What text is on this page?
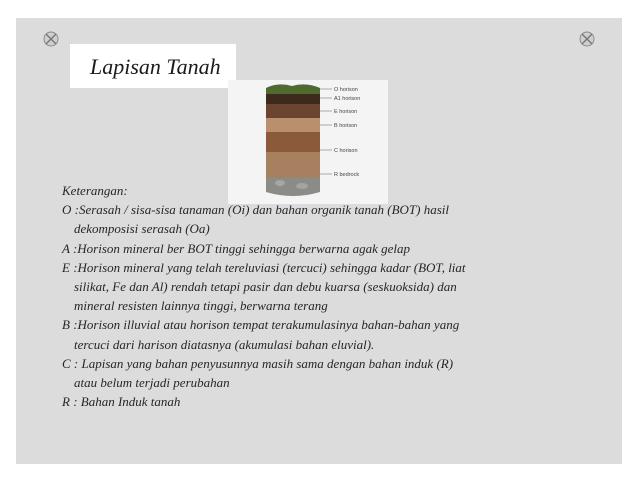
Lapisan Tanah
O horison
A1 horison
E horison
B horison
C horison
R bedrock
Keterangan:
O :Serasah / sisa-sisa tanaman (Oi) dan bahan organik tanah (BOT) hasil
dekomposisi serasah (Oa)
A :Horison mineral ber BOT tinggi sehingga berwarna agak gelap
E :Horison mineral yang telah tereluviasi (tercuci) sehingga kadar (BOT, liat
silikat, Fe dan Al) rendah tetapi pasir dan debu kuarsa (seskuoksida) dan
mineral resisten lainnya tinggi, berwarna terang
B :Horison illuvial atau horison tempat terakumulasinya bahan-bahan yang
tercuci dari harison diatasnya (akumulasi bahan eluvial).
C : Lapisan yang bahan penyusunnya masih sama dengan bahan induk (R)
atau belum terjadi perubahan
R : Bahan Induk tanah
